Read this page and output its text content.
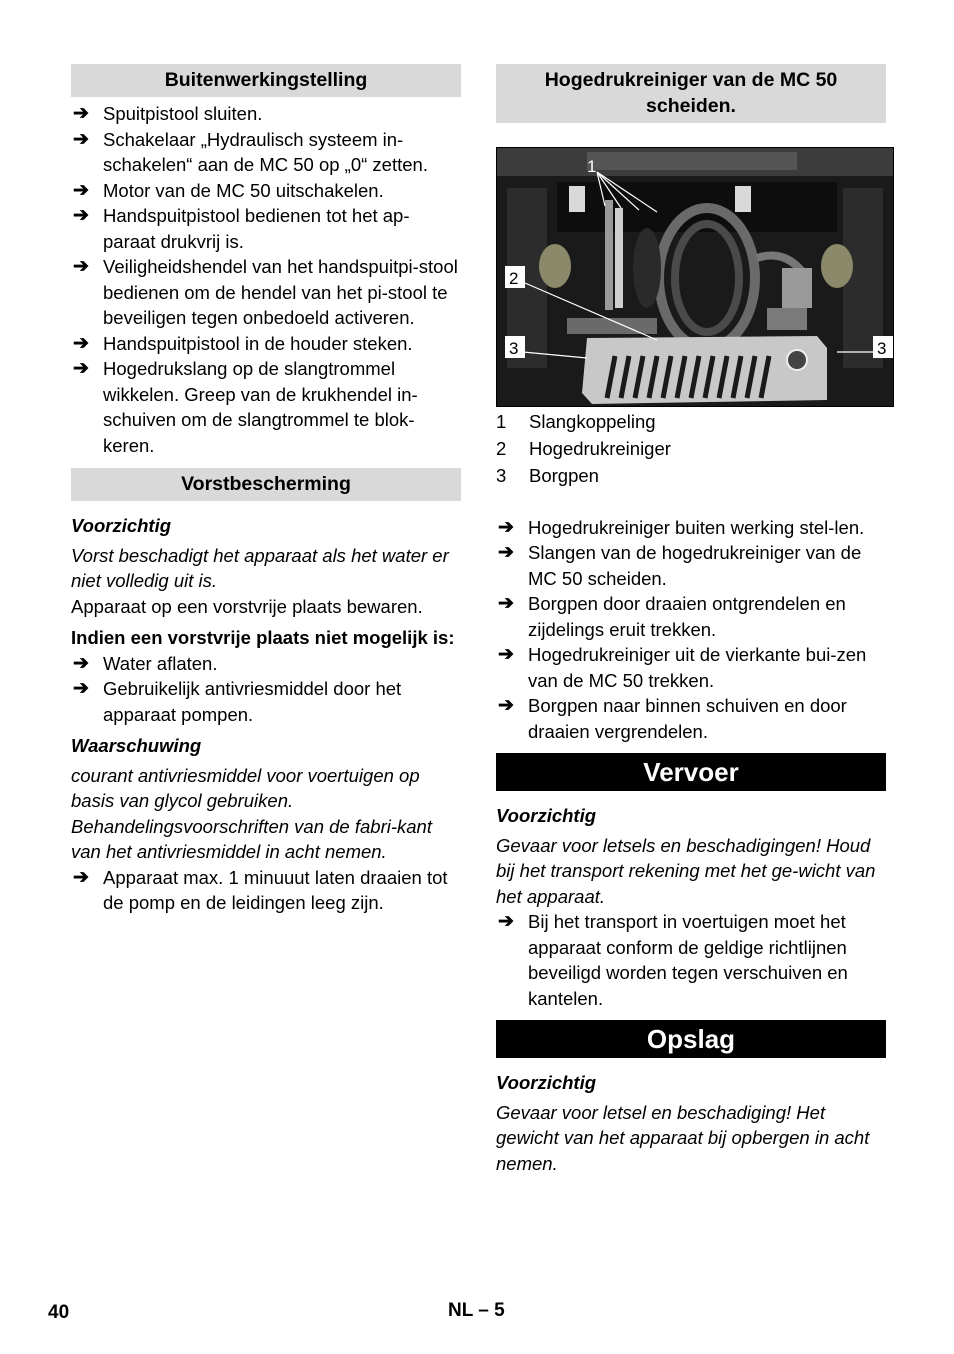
Buitenwerkingstelling
➔ Spuitpistool sluiten.
➔ Schakelaar „Hydraulisch systeem in-schakelen“ aan de MC 50 op „0“ zetten.
➔ Motor van de MC 50 uitschakelen.
➔ Handspuitpistool bedienen tot het ap-paraat drukvrij is.
➔ Veiligheidshendel van het handspuitpi-stool bedienen om de hendel van het pi-stool te beveiligen tegen onbedoeld activeren.
➔ Handspuitpistool in de houder steken.
➔ Hogedrukslang op de slangtrommel wikkelen. Greep van de krukhendel in-schuiven om de slangtrommel te blok-keren.
Vorstbescherming
Voorzichtig
Vorst beschadigt het apparaat als het water er niet volledig uit is.
Apparaat op een vorstvrije plaats bewaren.
Indien een vorstvrije plaats niet mogelijk is:
➔ Water aflaten.
➔ Gebruikelijk antivriesmiddel door het apparaat pompen.
Waarschuwing
courant antivriesmiddel voor voertuigen op basis van glycol gebruiken.
Behandelingsvoorschriften van de fabri-kant van het antivriesmiddel in acht nemen.
➔ Apparaat max. 1 minuuut laten draaien tot de pomp en de leidingen leeg zijn.
Hogedrukreiniger van de MC 50 scheiden.
1
2
3	3
1	Slangkoppeling
2	Hogedrukreiniger
3	Borgpen
➔ Hogedrukreiniger buiten werking stel-len.
➔ Slangen van de hogedrukreiniger van de MC 50 scheiden.
➔ Borgpen door draaien ontgrendelen en zijdelings eruit trekken.
➔ Hogedrukreiniger uit de vierkante bui-zen van de MC 50 trekken.
➔ Borgpen naar binnen schuiven en door draaien vergrendelen.
Vervoer
Voorzichtig
Gevaar voor letsels en beschadigingen! Houd bij het transport rekening met het ge-wicht van het apparaat.
➔ Bij het transport in voertuigen moet het apparaat conform de geldige richtlijnen beveiligd worden tegen verschuiven en kantelen.
Opslag
Voorzichtig
Gevaar voor letsel en beschadiging! Het gewicht van het apparaat bij opbergen in acht nemen.
40	NL – 5
